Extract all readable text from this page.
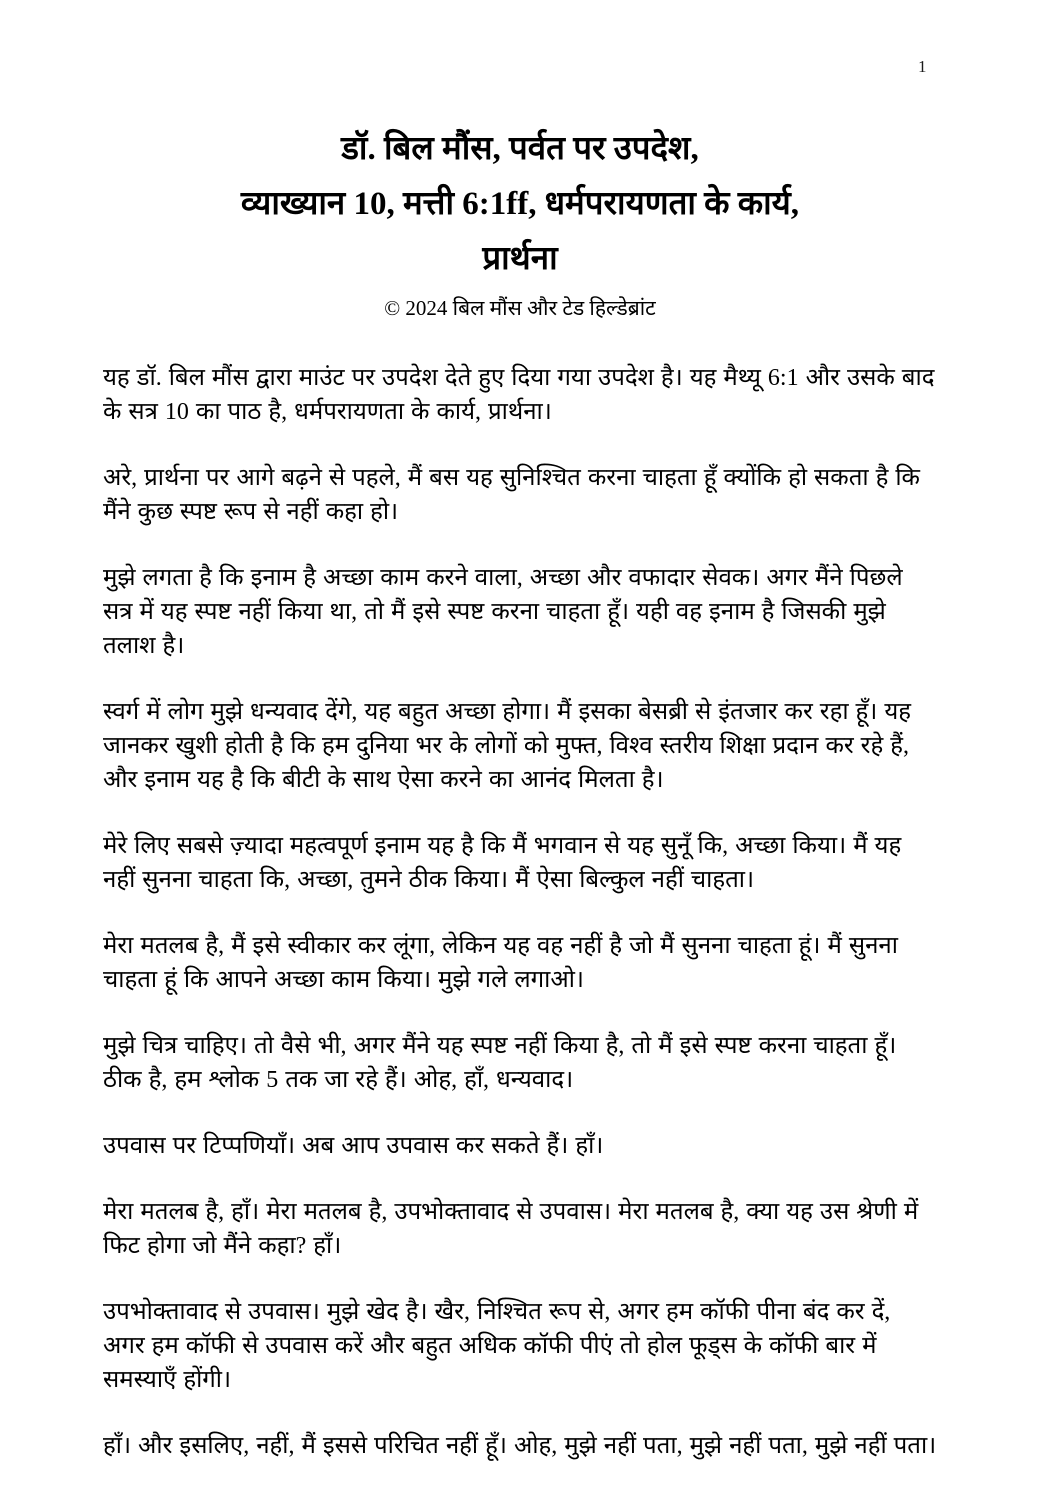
1
डॉ. बिल मौंस, पर्वत पर उपदेश,
व्याख्यान 10, मत्ती 6:1ff, धर्मपरायणता के कार्य,
प्रार्थना
© 2024 बिल मौंस और टेड हिल्डेब्रांट

यह डॉ. बिल मौंस द्वारा माउंट पर उपदेश देते हुए दिया गया उपदेश है। यह मैथ्यू 6:1 और उसके बाद के सत्र 10 का पाठ है, धर्मपरायणता के कार्य, प्रार्थना।

अरे, प्रार्थना पर आगे बढ़ने से पहले, मैं बस यह सुनिश्चित करना चाहता हूँ क्योंकि हो सकता है कि मैंने कुछ स्पष्ट रूप से नहीं कहा हो।

मुझे लगता है कि इनाम है अच्छा काम करने वाला, अच्छा और वफादार सेवक। अगर मैंने पिछले सत्र में यह स्पष्ट नहीं किया था, तो मैं इसे स्पष्ट करना चाहता हूँ। यही वह इनाम है जिसकी मुझे तलाश है।

स्वर्ग में लोग मुझे धन्यवाद देंगे, यह बहुत अच्छा होगा। मैं इसका बेसब्री से इंतजार कर रहा हूँ। यह जानकर खुशी होती है कि हम दुनिया भर के लोगों को मुफ्त, विश्व स्तरीय शिक्षा प्रदान कर रहे हैं, और इनाम यह है कि बीटी के साथ ऐसा करने का आनंद मिलता है।

मेरे लिए सबसे ज़्यादा महत्वपूर्ण इनाम यह है कि मैं भगवान से यह सुनूँ कि, अच्छा किया। मैं यह नहीं सुनना चाहता कि, अच्छा, तुमने ठीक किया। मैं ऐसा बिल्कुल नहीं चाहता।

मेरा मतलब है, मैं इसे स्वीकार कर लूंगा, लेकिन यह वह नहीं है जो मैं सुनना चाहता हूं। मैं सुनना चाहता हूं कि आपने अच्छा काम किया। मुझे गले लगाओ।

मुझे चित्र चाहिए। तो वैसे भी, अगर मैंने यह स्पष्ट नहीं किया है, तो मैं इसे स्पष्ट करना चाहता हूँ। ठीक है, हम श्लोक 5 तक जा रहे हैं। ओह, हाँ, धन्यवाद।

उपवास पर टिप्पणियाँ। अब आप उपवास कर सकते हैं। हाँ।

मेरा मतलब है, हाँ। मेरा मतलब है, उपभोक्तावाद से उपवास। मेरा मतलब है, क्या यह उस श्रेणी में फिट होगा जो मैंने कहा? हाँ।

उपभोक्तावाद से उपवास। मुझे खेद है। खैर, निश्चित रूप से, अगर हम कॉफी पीना बंद कर दें, अगर हम कॉफी से उपवास करें और बहुत अधिक कॉफी पीएं तो होल फूड्स के कॉफी बार में समस्याएँ होंगी।

हाँ। और इसलिए, नहीं, मैं इससे परिचित नहीं हूँ। ओह, मुझे नहीं पता, मुझे नहीं पता, मुझे नहीं पता।
